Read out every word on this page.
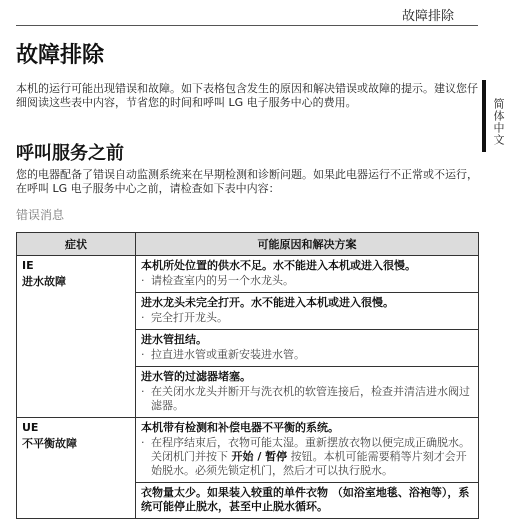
故障排除
简体中文
故障排除

本机的运行可能出现错误和故障。如下表格包含发生的原因和解决错误或故障的提示。建议您仔细阅读这些表中内容，节省您的时间和呼叫 LG 电子服务中心的费用。

呼叫服务之前

您的电器配备了错误自动监测系统来在早期检测和诊断问题。如果此电器运行不正常或不运行，在呼叫 LG 电子服务中心之前，请检查如下表中内容：

错误消息
症状	可能原因和解决方案

IE
进水故障	本机所处位置的供水不足。水不能进入本机或进入很慢。
· 请检查室内的另一个水龙头。

	进水龙头未完全打开。水不能进入本机或进入很慢。
· 完全打开龙头。

	进水管扭结。
· 拉直进水管或重新安装进水管。

	进水管的过滤器堵塞。
· 在关闭水龙头并断开与洗衣机的软管连接后，检查并清洁进水阀过滤器。

UE
不平衡故障	本机带有检测和补偿电器不平衡的系统。
· 在程序结束后，衣物可能太湿。重新摆放衣物以便完成正确脱水。关闭机门并按下 开始 / 暂停 按钮。本机可能需要稍等片刻才会开始脱水。必须先锁定机门，然后才可以执行脱水。

	衣物量太少。如果装入较重的单件衣物 （如浴室地毯、浴袍等），系统可能停止脱水，甚至中止脱水循环。
